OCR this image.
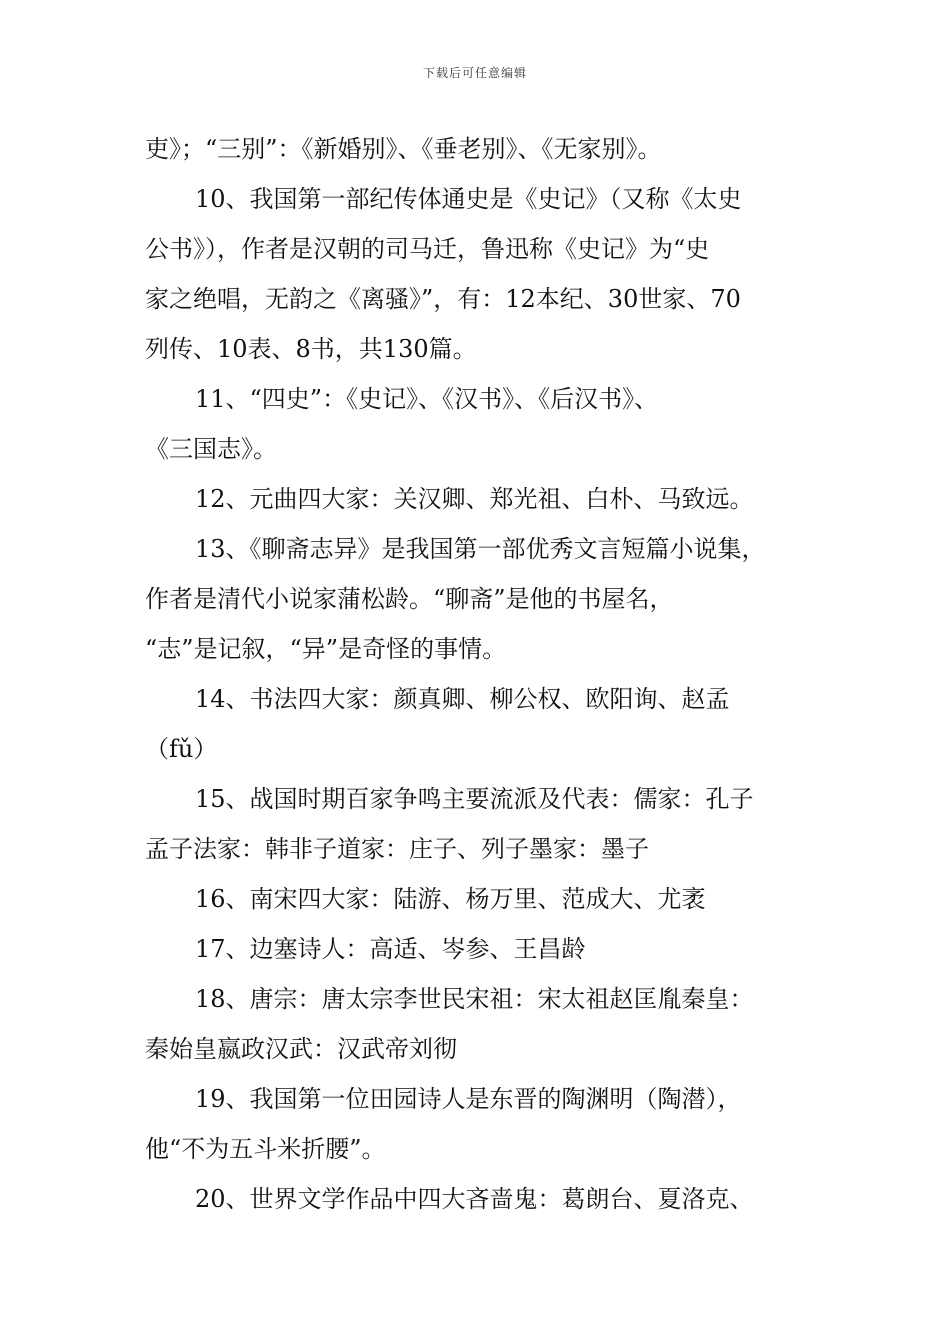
下载后可任意编辑
吏》；“三别”：《新婚别》、《垂老别》、《无家别》。
10、我国第一部纪传体通史是《史记》（又称《太史
公书》），作者是汉朝的司马迁，鲁迅称《史记》为“史
家之绝唱，无韵之《离骚》”，有：12本纪、30世家、70
列传、10表、8书，共130篇。
11、“四史”：《史记》、《汉书》、《后汉书》、
《三国志》。
12、元曲四大家：关汉卿、郑光祖、白朴、马致远。
13、《聊斋志异》是我国第一部优秀文言短篇小说集，
作者是清代小说家蒲松龄。“聊斋”是他的书屋名，
“志”是记叙，“异”是奇怪的事情。
14、书法四大家：颜真卿、柳公权、欧阳询、赵孟
（fǔ）
15、战国时期百家争鸣主要流派及代表：儒家：孔子
孟子法家：韩非子道家：庄子、列子墨家：墨子
16、南宋四大家：陆游、杨万里、范成大、尤袤
17、边塞诗人：高适、岑参、王昌龄
18、唐宗：唐太宗李世民宋祖：宋太祖赵匡胤秦皇：
秦始皇嬴政汉武：汉武帝刘彻
19、我国第一位田园诗人是东晋的陶渊明（陶潜），
他“不为五斗米折腰”。
20、世界文学作品中四大吝啬鬼：葛朗台、夏洛克、
